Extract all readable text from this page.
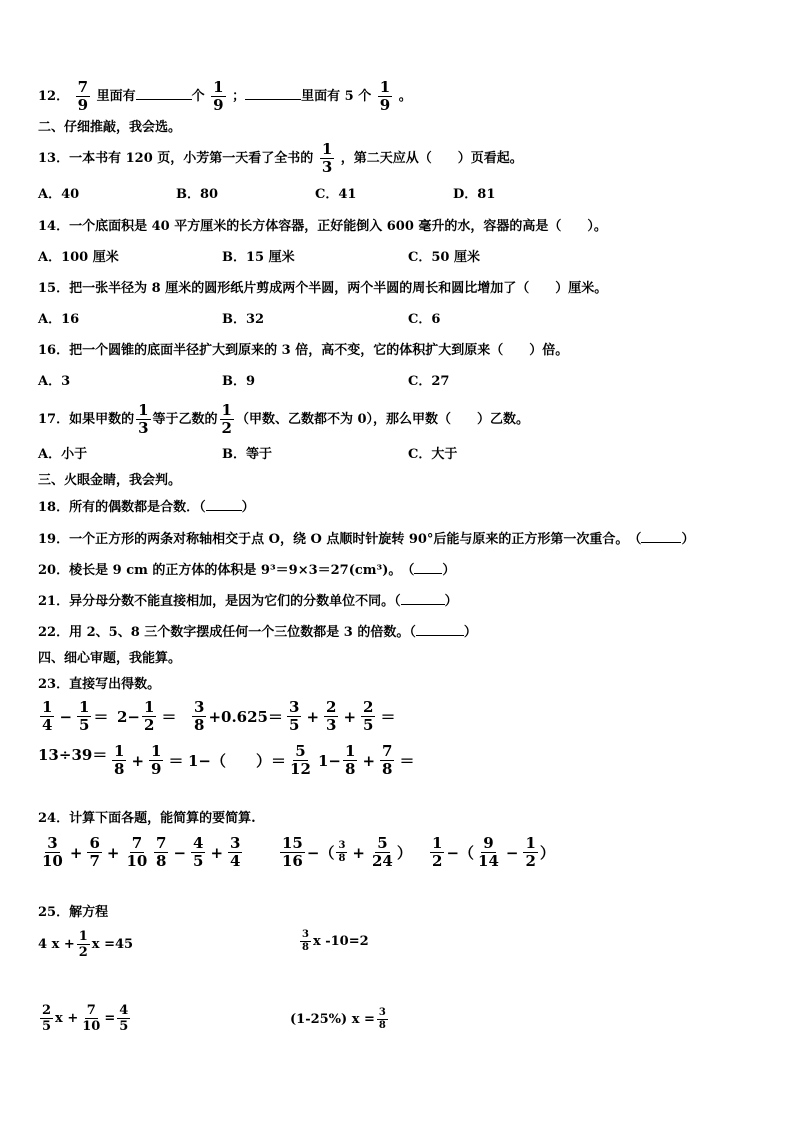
12． $\frac{7}{9}$ 里面有	个 $\frac{1}{9}$ ；	里面有 5 个 $\frac{1}{9}$ 。
二、仔细推敲，我会选。
13．一本书有 120 页，小芳第一天看了全书的 $\frac{1}{3}$ ，第二天应从（　　）页看起。
A．40	B．80	C．41	D．81
14．一个底面积是 40 平方厘米的长方体容器，正好能倒入 600 毫升的水，容器的高是（　　）。
A．100 厘米	B．15 厘米	C．50 厘米
15．把一张半径为 8 厘米的圆形纸片剪成两个半圆，两个半圆的周长和圆比增加了（　　）厘米。
A．16	B．32	C．6
16．把一个圆锥的底面半径扩大到原来的 3 倍，高不变，它的体积扩大到原来（　　）倍。
A．3	B．9	C．27
17．如果甲数的 $\frac{1}{3}$ 等于乙数的 $\frac{1}{2}$ （甲数、乙数都不为 0），那么甲数（　　）乙数。
A．小于	B．等于	C．大于
三、火眼金睛，我会判。
18．所有的偶数都是合数．（	）
19．一个正方形的两条对称轴相交于点 O，绕 O 点顺时针旋转 90°后能与原来的正方形第一次重合。　（	）
20．棱长是 9 cm 的正方体的体积是 9³＝9×3＝27(cm³)。　（ ）
21．异分母分数不能直接相加，是因为它们的分数单位不同。（	）
22．用 2、5、8 三个数字摆成任何一个三位数都是 3 的倍数。（	）
四、细心审题，我能算。
23．直接写出得数。
$\frac{1}{4} - \frac{1}{5} = 2- \frac{1}{2} = \frac{3}{8} +0.625= \frac{3}{5} + \frac{2}{3} + \frac{2}{5}$ ＝
$13\div 39= \frac{1}{8} + \frac{1}{9} = 1-$（　　）＝ $\frac{5}{12} 1- \frac{1}{8} + \frac{7}{8}$ ＝
24．计算下面各题，能简算的要简算.
$\frac{3}{10} + \frac{6}{7} + \frac{7}{10} \frac{7}{8} - \frac{4}{5} + \frac{3}{4}$	$\frac{15}{16}$ −（ $\frac{3}{8} + \frac{5}{24}$ ） $\frac{1}{2}$ −（ $\frac{9}{14} - \frac{1}{2}$ ）
25．解方程
4 $x + \frac{1}{2}$ x =45	$\frac{3}{8}$ x -10=2
$\frac{2}{5}$ $x + \frac{7}{10} = \frac{4}{5}$	(1-25%) $x = \frac{3}{8}$
